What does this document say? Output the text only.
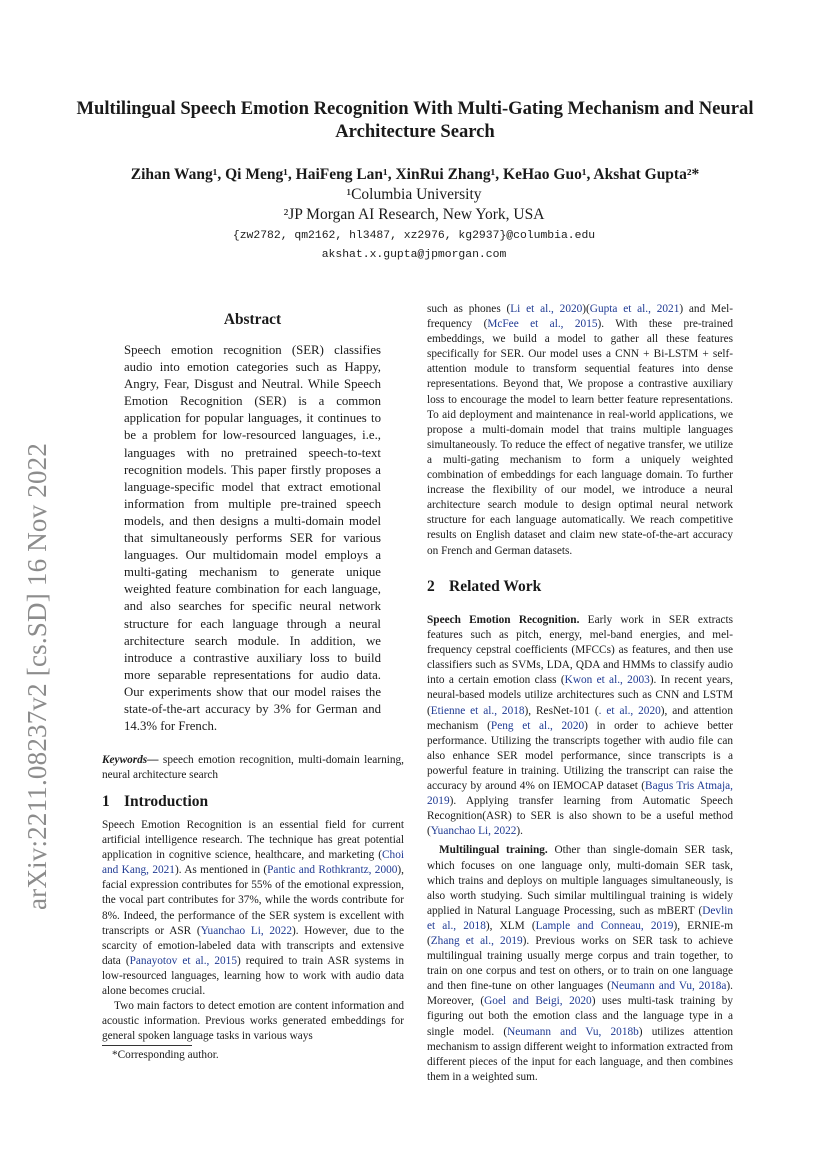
arXiv:2211.08237v2 [cs.SD] 16 Nov 2022
Multilingual Speech Emotion Recognition With Multi-Gating Mechanism and Neural Architecture Search
Zihan Wang¹, Qi Meng¹, HaiFeng Lan¹, XinRui Zhang¹, KeHao Guo¹, Akshat Gupta²*
¹Columbia University
²JP Morgan AI Research, New York, USA
{zw2782, qm2162, hl3487, xz2976, kg2937}@columbia.edu
akshat.x.gupta@jpmorgan.com
Abstract
Speech emotion recognition (SER) classifies audio into emotion categories such as Happy, Angry, Fear, Disgust and Neutral. While Speech Emotion Recognition (SER) is a common application for popular languages, it continues to be a problem for low-resourced languages, i.e., languages with no pretrained speech-to-text recognition models. This paper firstly proposes a language-specific model that extract emotional information from multiple pre-trained speech models, and then designs a multi-domain model that simultaneously performs SER for various languages. Our multidomain model employs a multi-gating mechanism to generate unique weighted feature combination for each language, and also searches for specific neural network structure for each language through a neural architecture search module. In addition, we introduce a contrastive auxiliary loss to build more separable representations for audio data. Our experiments show that our model raises the state-of-the-art accuracy by 3% for German and 14.3% for French.
Keywords— speech emotion recognition, multi-domain learning, neural architecture search
1 Introduction

Speech Emotion Recognition is an essential field for current artificial intelligence research. The technique has great potential application in cognitive science, healthcare, and marketing (Choi and Kang, 2021). As mentioned in (Pantic and Rothkrantz, 2000), facial expression contributes for 55% of the emotional expression, the vocal part contributes for 37%, while the words contribute for 8%. Indeed, the performance of the SER system is excellent with transcripts or ASR (Yuanchao Li, 2022). However, due to the scarcity of emotion-labeled data with transcripts and extensive data (Panayotov et al., 2015) required to train ASR systems in low-resourced languages, learning how to work with audio data alone becomes crucial.

Two main factors to detect emotion are content information and acoustic information. Previous works generated embeddings for general spoken language tasks in various ways

*Corresponding author.

such as phones (Li et al., 2020)(Gupta et al., 2021) and Mel-frequency (McFee et al., 2015). With these pre-trained embeddings, we build a model to gather all these features specifically for SER. Our model uses a CNN + Bi-LSTM + self-attention module to transform sequential features into dense representations. Beyond that, We propose a contrastive auxiliary loss to encourage the model to learn better feature representations. To aid deployment and maintenance in real-world applications, we propose a multi-domain model that trains multiple languages simultaneously. To reduce the effect of negative transfer, we utilize a multi-gating mechanism to form a uniquely weighted combination of embeddings for each language domain. To further increase the flexibility of our model, we introduce a neural architecture search module to design optimal neural network structure for each language automatically. We reach competitive results on English dataset and claim new state-of-the-art accuracy on French and German datasets.

2 Related Work

Speech Emotion Recognition. Early work in SER extracts features such as pitch, energy, mel-band energies, and mel-frequency cepstral coefficients (MFCCs) as features, and then use classifiers such as SVMs, LDA, QDA and HMMs to classify audio into a certain emotion class (Kwon et al., 2003). In recent years, neural-based models utilize architectures such as CNN and LSTM (Etienne et al., 2018), ResNet-101 (. et al., 2020), and attention mechanism (Peng et al., 2020) in order to achieve better performance. Utilizing the transcripts together with audio file can also enhance SER model performance, since transcripts is a powerful feature in training. Utilizing the transcript can raise the accuracy by around 4% on IEMOCAP dataset (Bagus Tris Atmaja, 2019). Applying transfer learning from Automatic Speech Recognition(ASR) to SER is also shown to be a useful method (Yuanchao Li, 2022).

Multilingual training. Other than single-domain SER task, which focuses on one language only, multi-domain SER task, which trains and deploys on multiple languages simultaneously, is also worth studying. Such similar multilingual training is widely applied in Natural Language Processing, such as mBERT (Devlin et al., 2018), XLM (Lample and Conneau, 2019), ERNIE-m (Zhang et al., 2019). Previous works on SER task to achieve multilingual training usually merge corpus and train together, to train on one corpus and test on others, or to train on one language and then fine-tune on other languages (Neumann and Vu, 2018a). Moreover, (Goel and Beigi, 2020) uses multi-task training by figuring out both the emotion class and the language type in a single model. (Neumann and Vu, 2018b) utilizes attention mechanism to assign different weight to information extracted from different pieces of the input for each language, and then combines them in a weighted sum.
